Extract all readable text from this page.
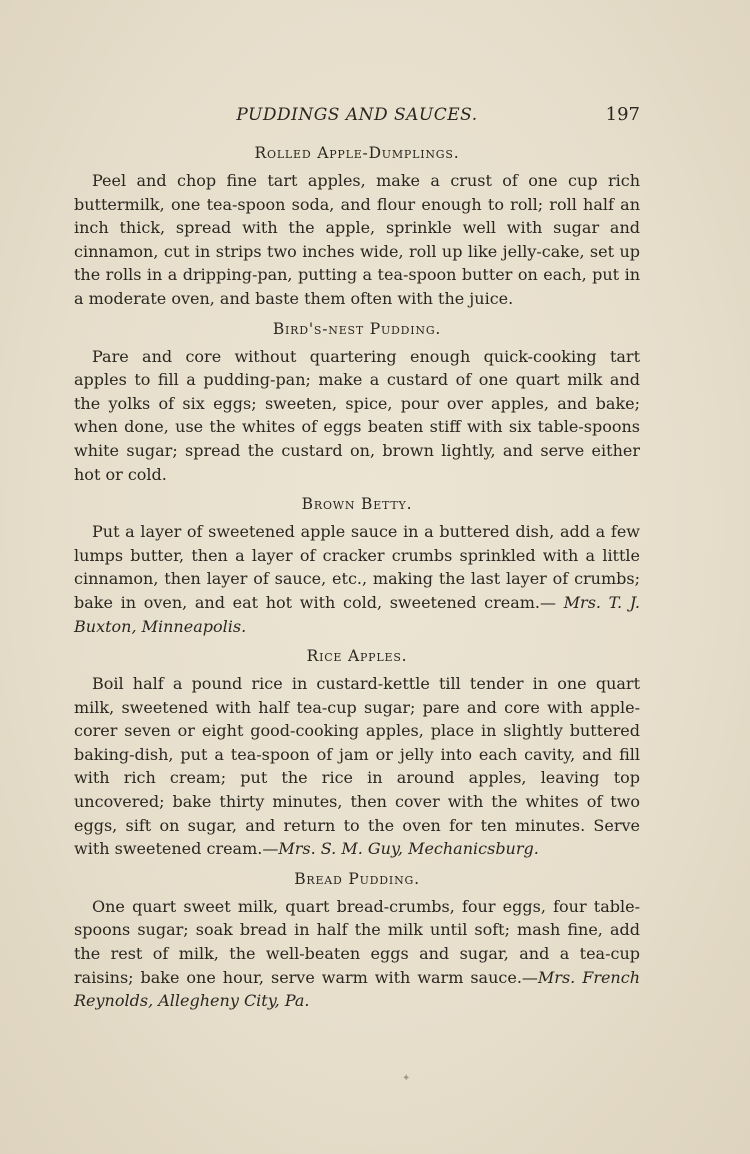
PUDDINGS AND SAUCES.	197
Rolled Apple-Dumplings.

Peel and chop fine tart apples, make a crust of one cup rich buttermilk, one tea-spoon soda, and flour enough to roll; roll half an inch thick, spread with the apple, sprinkle well with sugar and cinnamon, cut in strips two inches wide, roll up like jelly-cake, set up the rolls in a dripping-pan, putting a tea-spoon butter on each, put in a moderate oven, and baste them often with the juice.

Bird's-nest Pudding.

Pare and core without quartering enough quick-cooking tart apples to fill a pudding-pan; make a custard of one quart milk and the yolks of six eggs; sweeten, spice, pour over apples, and bake; when done, use the whites of eggs beaten stiff with six table-spoons white sugar; spread the custard on, brown lightly, and serve either hot or cold.

Brown Betty.

Put a layer of sweetened apple sauce in a buttered dish, add a few lumps butter, then a layer of cracker crumbs sprinkled with a little cinnamon, then layer of sauce, etc., making the last layer of crumbs; bake in oven, and eat hot with cold, sweetened cream.— Mrs. T. J. Buxton, Minneapolis.

Rice Apples.

Boil half a pound rice in custard-kettle till tender in one quart milk, sweetened with half tea-cup sugar; pare and core with apple-corer seven or eight good-cooking apples, place in slightly buttered baking-dish, put a tea-spoon of jam or jelly into each cavity, and fill with rich cream; put the rice in around apples, leaving top uncovered; bake thirty minutes, then cover with the whites of two eggs, sift on sugar, and return to the oven for ten minutes. Serve with sweetened cream.—Mrs. S. M. Guy, Mechanicsburg.

Bread Pudding.

One quart sweet milk, quart bread-crumbs, four eggs, four table-spoons sugar; soak bread in half the milk until soft; mash fine, add the rest of milk, the well-beaten eggs and sugar, and a tea-cup raisins; bake one hour, serve warm with warm sauce.—Mrs. French Reynolds, Allegheny City, Pa.

✦
